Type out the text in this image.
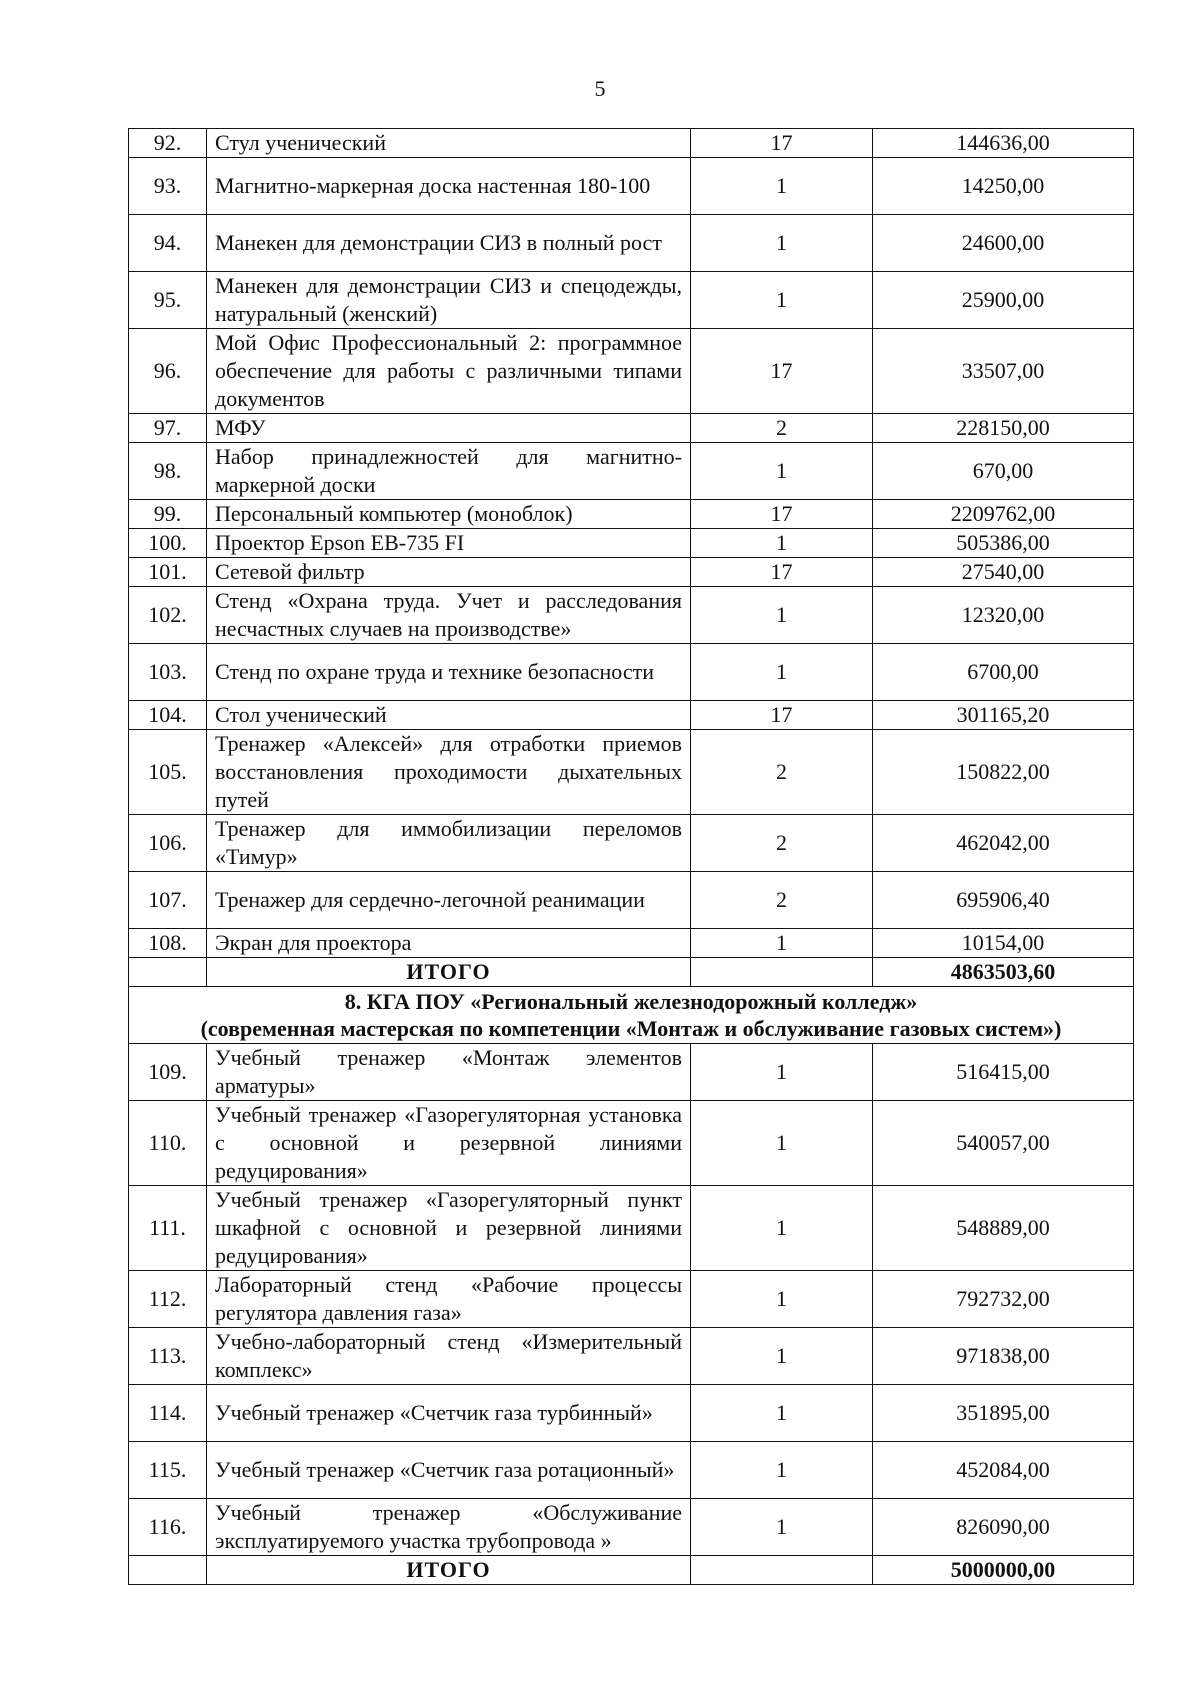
5
92.	Стул ученический	17	144636,00
93.	Магнитно-маркерная доска настенная 180-100	1	14250,00
94.	Манекен для демонстрации СИЗ в полный рост	1	24600,00
95.	Манекен для демонстрации СИЗ и спецодежды, натуральный (женский)	1	25900,00
96.	Мой Офис Профессиональный 2: программное обеспечение для работы с различными типами документов	17	33507,00
97.	МФУ	2	228150,00
98.	Набор принадлежностей для магнитно-маркерной доски	1	670,00
99.	Персональный компьютер (моноблок)	17	2209762,00
100.	Проектор Epson EB-735 FI	1	505386,00
101.	Сетевой фильтр	17	27540,00
102.	Стенд «Охрана труда. Учет и расследования несчастных случаев на производстве»	1	12320,00
103.	Стенд по охране труда и технике безопасности	1	6700,00
104.	Стол ученический	17	301165,20
105.	Тренажер «Алексей» для отработки приемов восстановления проходимости дыхательных путей	2	150822,00
106.	Тренажер для иммобилизации переломов «Тимур»	2	462042,00
107.	Тренажер для сердечно-легочной реанимации	2	695906,40
108.	Экран для проектора	1	10154,00
	ИТОГО		4863503,60

8. КГА ПОУ «Региональный железнодорожный колледж»
(современная мастерская по компетенции «Монтаж и обслуживание газовых систем»)			

109.	Учебный тренажер «Монтаж элементов арматуры»	1	516415,00
110.	Учебный тренажер «Газорегуляторная установка с основной и резервной линиями редуцирования»	1	540057,00
111.	Учебный тренажер «Газорегуляторный пункт шкафной с основной и резервной линиями редуцирования»	1	548889,00
112.	Лабораторный стенд «Рабочие процессы регулятора давления газа»	1	792732,00
113.	Учебно-лабораторный стенд «Измерительный комплекс»	1	971838,00
114.	Учебный тренажер «Счетчик газа турбинный»	1	351895,00
115.	Учебный тренажер «Счетчик газа ротационный»	1	452084,00
116.	Учебный тренажер «Обслуживание эксплуатируемого участка трубопровода »	1	826090,00
	ИТОГО		5000000,00
